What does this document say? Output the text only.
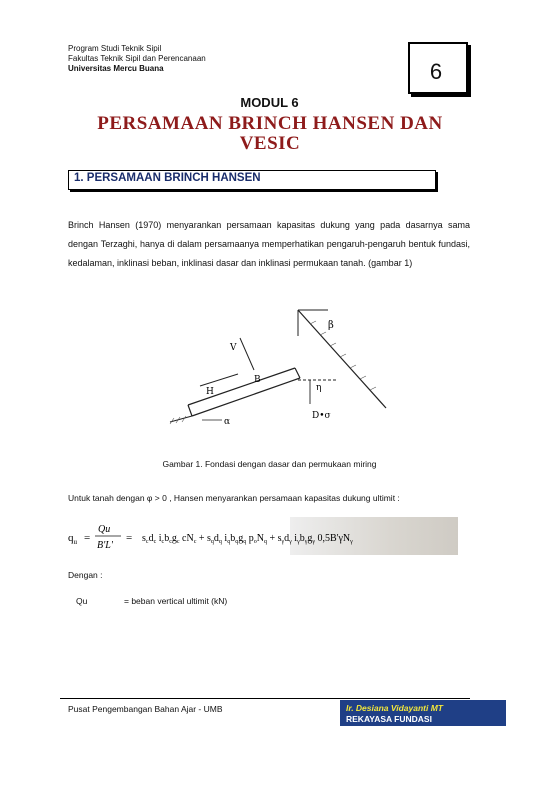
Program Studi Teknik Sipil
Fakultas Teknik Sipil dan Perencanaan
Universitas Mercu Buana	6
MODUL 6
PERSAMAAN BRINCH HANSEN DAN
VESIC
1. PERSAMAAN BRINCH HANSEN
Brinch Hansen (1970) menyarankan persamaan kapasitas dukung yang pada dasarnya sama dengan Terzaghi, hanya di dalam persamaanya memperhatikan pengaruh-pengaruh bentuk fundasi, kedalaman, inklinasi beban, inklinasi dasar dan inklinasi permukaan tanah. (gambar 1)
β
V
H
B
η
D•σ
α
Gambar 1. Fondasi dengan dasar dan permukaan miring
Untuk tanah dengan φ > 0 , Hansen menyarankan persamaan kapasitas dukung ultimit :
$q_u$ =
Qu
B'L'
= $s_cd_c$ $i_cb_cg_c$ $cN_c + s_qd_q$ $i_qb_qg_q$ $p_oN_q + s_\gamma d_\gamma$ $i_\gamma b_\gamma g_\gamma$ $0,5B'\gamma N_\gamma$
Dengan :
Qu	= beban vertical ultimit (kN)
Pusat Pengembangan Bahan Ajar - UMB	Ir. Desiana Vidayanti MT
REKAYASA FUNDASI
